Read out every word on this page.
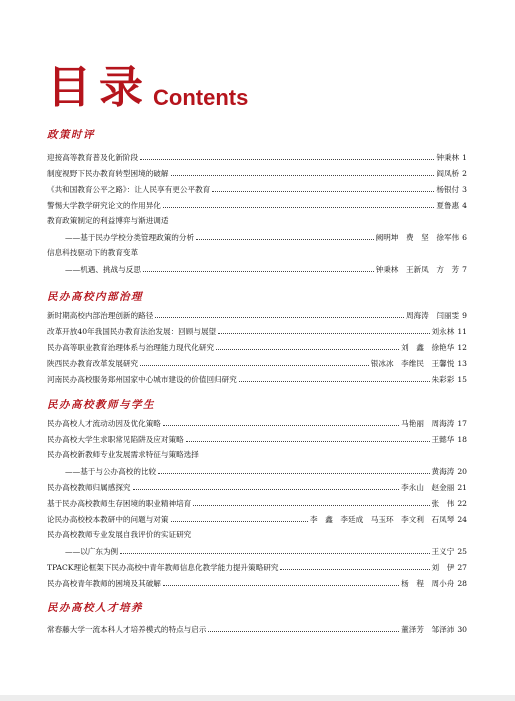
目录 Contents
政策时评
迎接高等教育普及化新阶段	钟秉林 1
制度视野下民办教育转型困境的破解	阎凤桥 2
《共和国教育公平之路》：让人民享有更公平教育	杨银付 3
警惕大学教学研究论文的作用异化	夏鲁惠 4
教育政策制定的利益博弈与渐进调适
——基于民办学校分类管理政策的分析	阙明坤　费　坚　徐军伟 6
信息科技驱动下的教育变革
——机遇、挑战与反思	钟秉林　王新凤　方　芳 7
民办高校内部治理
新时期高校内部治理创新的路径	周海涛　闫丽雯 9
改革开放40年我国民办教育法治发展：回顾与展望	刘永林 11
民办高等职业教育治理体系与治理能力现代化研究	刘　鑫　徐艳华 12
陕西民办教育改革发展研究	银冰冰　李维民　王馨悦 13
河南民办高校服务郑州国家中心城市建设的价值回归研究	朱彩彩 15
民办高校教师与学生
民办高校人才流动动因及优化策略	马艳丽　周海涛 17
民办高校大学生求职常见陷阱及应对策略	王懿华 18
民办高校新教师专业发展需求特征与策略选择
——基于与公办高校的比较	黄海涛 20
民办高校教师归属感探究	李永山　赵金丽 21
基于民办高校教师生存困境的职业精神培育	张　伟 22
论民办高校校本教研中的问题与对策	李　鑫　李廷成　马玉环　李文利　石凤琴 24
民办高校教师专业发展自我评价的实证研究
——以广东为例	王义宁 25
TPACK理论框架下民办高校中青年教师信息化教学能力提升策略研究	刘　伊 27
民办高校青年教师的困境及其破解	杨　程　周小舟 28
民办高校人才培养
常春藤大学一流本科人才培养模式的特点与启示	董泽芳　邹泽沛 30
